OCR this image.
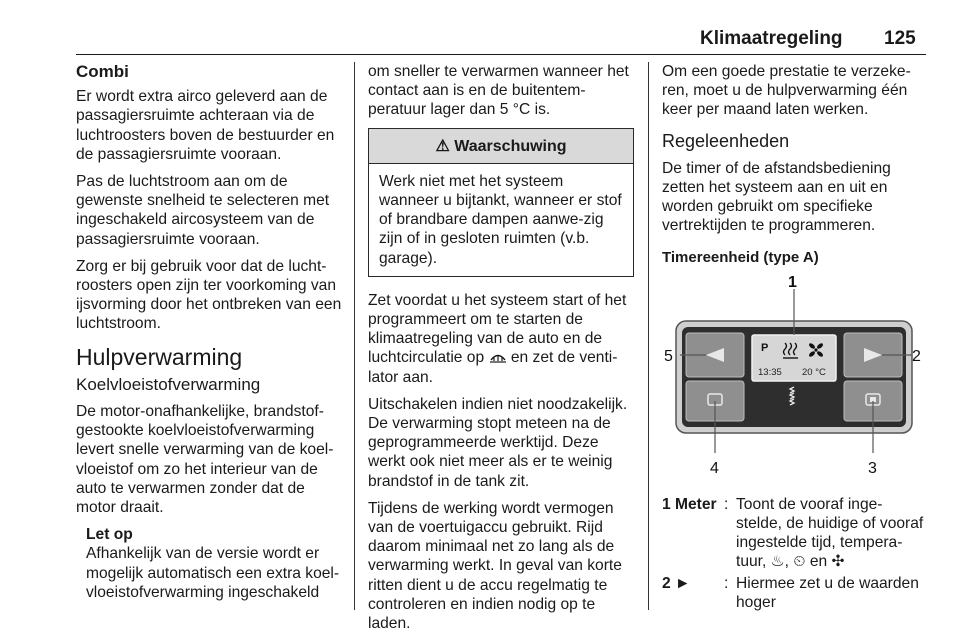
Klimaatregeling 125
Combi

Er wordt extra airco geleverd aan de passagiersruimte achteraan via de luchtroosters boven de bestuurder en de passagiersruimte vooraan.

Pas de luchtstroom aan om de gewenste snelheid te selecteren met ingeschakeld aircosysteem van de passagiersruimte vooraan.

Zorg er bij gebruik voor dat de lucht-roosters open zijn ter voorkoming van ijsvorming door het ontbreken van een luchtstroom.

Hulpverwarming
Koelvloeistofverwarming

De motor-onafhankelijke, brandstof-gestookte koelvloeistofverwarming levert snelle verwarming van de koel-vloeistof om zo het interieur van de auto te verwarmen zonder dat de motor draait.

Let op
Afhankelijk van de versie wordt er mogelijk automatisch een extra koel-vloeistofverwarming ingeschakeld

om sneller te verwarmen wanneer het contact aan is en de buitentem-peratuur lager dan 5 °C is.

⚠ Waarschuwing
Werk niet met het systeem wanneer u bijtankt, wanneer er stof of brandbare dampen aanwe-zig zijn of in gesloten ruimten (v.b. garage).

Zet voordat u het systeem start of het programmeert om te starten de klimaatregeling van de auto en de luchtcirculatie op en zet de venti-lator aan.

Uitschakelen indien niet noodzakelijk. De verwarming stopt meteen na de geprogrammeerde werktijd. Deze werkt ook niet meer als er te weinig brandstof in de tank zit.

Tijdens de werking wordt vermogen van de voertuigaccu gebruikt. Rijd daarom minimaal net zo lang als de verwarming werkt. In geval van korte ritten dient u de accu regelmatig te controleren en indien nodig op te laden.

Om een goede prestatie te verzeke-ren, moet u de hulpverwarming één keer per maand laten werken.

Regeleenheden

De timer of de afstandsbediening zetten het systeem aan en uit en worden gebruikt om specifieke vertrektijden te programmeren.

Timereenheid (type A)
P
13:35 20 °C
1
2
3
4
5
1 Meter : Toont de vooraf inge-stelde, de huidige of vooraf ingestelde tijd, tempera-tuur, ♨, ⏲ en ✣
2 ►	: Hiermee zet u de waarden hoger
